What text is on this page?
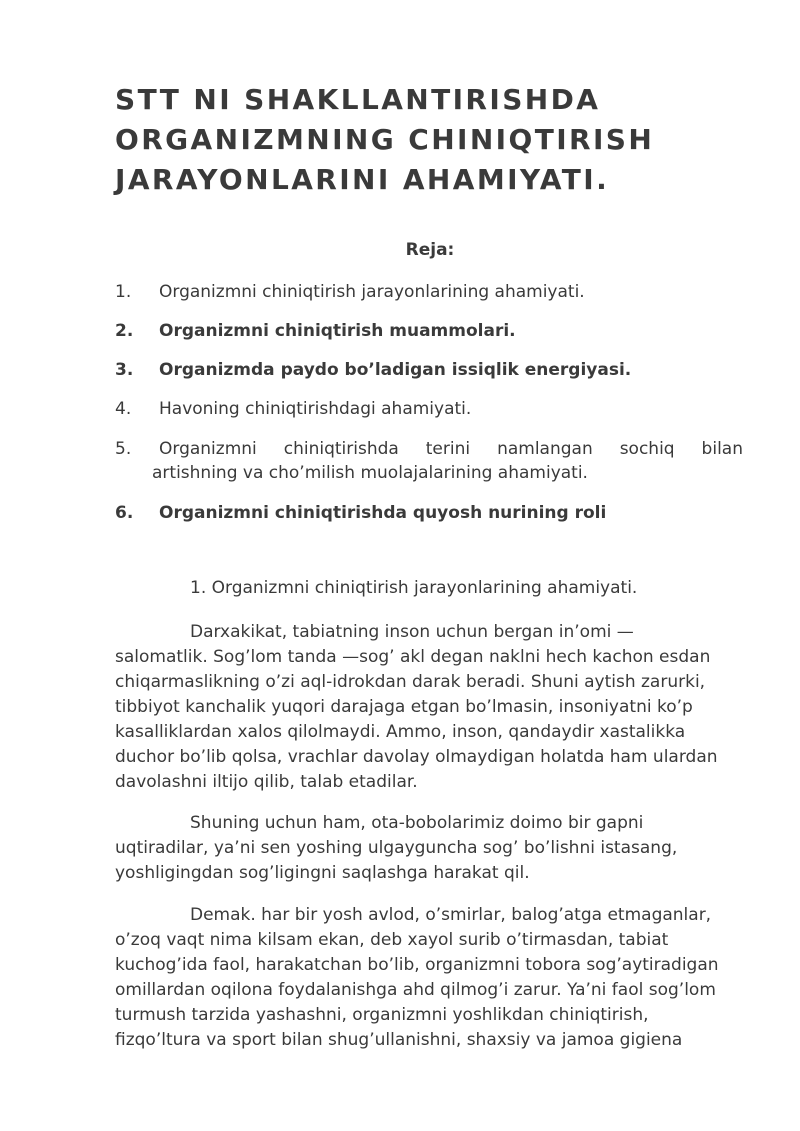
STT NI SHAKLLANTIRISHDA
ORGANIZMNING CHINIQTIRISH
JARAYONLARINI AHAMIYATI.

Reja:

1.	Organizmni chiniqtirish jarayonlarining ahamiyati.
2.	Organizmni chiniqtirish muammolari.
3.	Organizmda paydo bo’ladigan issiqlik energiyasi.
4.	Havoning chiniqtirishdagi ahamiyati.
5.	Organizmni chiniqtirishda terini namlangan sochiq bilan
artishning va cho’milish muolajalarining ahamiyati.
6.	Organizmni chiniqtirishda quyosh nurining roli

1. Organizmni chiniqtirish jarayonlarining ahamiyati.

Darxakikat, tabiatning inson uchun bergan in’omi —
salomatlik. Sog’lom tanda —sog’ akl degan naklni hech kachon esdan
chiqarmaslikning o’zi aql-idrokdan darak beradi. Shuni aytish zarurki,
tibbiyot kanchalik yuqori darajaga etgan bo’lmasin, insoniyatni ko’p
kasalliklardan xalos qilolmaydi. Ammo, inson, qandaydir xastalikka
duchor bo’lib qolsa, vrachlar davolay olmaydigan holatda ham ulardan
davolashni iltijo qilib, talab etadilar.

Shuning uchun ham, ota-bobolarimiz doimo bir gapni
uqtiradilar, ya’ni sen yoshing ulgayguncha sog’ bo’lishni istasang,
yoshligingdan sog’ligingni saqlashga harakat qil.

Demak. har bir yosh avlod, o’smirlar, balog’atga etmaganlar,
o’zoq vaqt nima kilsam ekan, deb xayol surib o’tirmasdan, tabiat
kuchog’ida faol, harakatchan bo’lib, organizmni tobora sog’aytiradigan
omillardan oqilona foydalanishga ahd qilmog’i zarur. Ya’ni faol sog’lom
turmush tarzida yashashni, organizmni yoshlikdan chiniqtirish,
fizqo’ltura va sport bilan shug’ullanishni, shaxsiy va jamoa gigiena
